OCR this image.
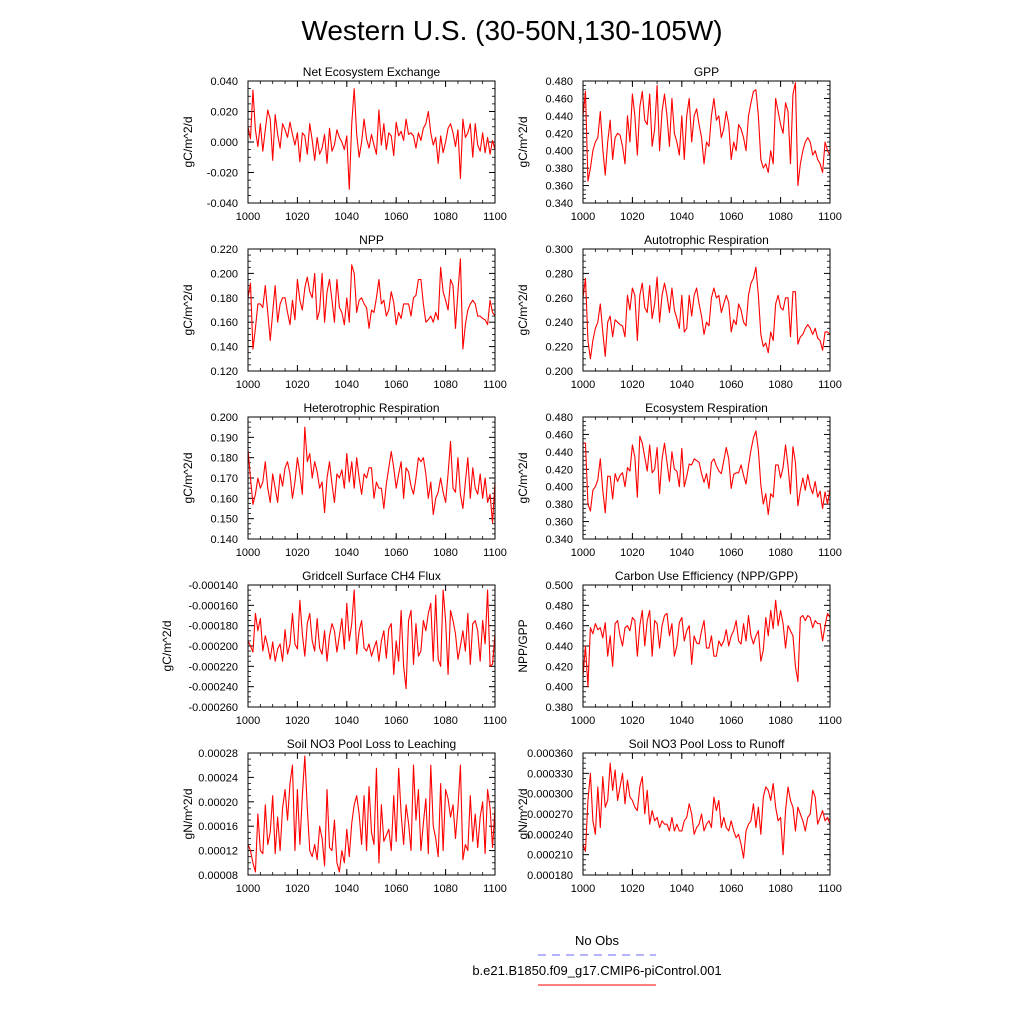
Western U.S. (30-50N,130-105W)
Net Ecosystem Exchange
gC/m^2/d
1000 1020 1040 1060 1080 1100
-0.040
-0.020
0.000
0.020
0.040
GPP
gC/m^2/d
1000 1020 1040 1060 1080 1100
0.340
0.360
0.380
0.400
0.420
0.440
0.460
0.480
NPP
gC/m^2/d
1000 1020 1040 1060 1080 1100
0.120
0.140
0.160
0.180
0.200
0.220
Autotrophic Respiration
gC/m^2/d
1000 1020 1040 1060 1080 1100
0.200
0.220
0.240
0.260
0.280
0.300
Heterotrophic Respiration
gC/m^2/d
1000 1020 1040 1060 1080 1100
0.140
0.150
0.160
0.170
0.180
0.190
0.200
Ecosystem Respiration
gC/m^2/d
1000 1020 1040 1060 1080 1100
0.340
0.360
0.380
0.400
0.420
0.440
0.460
0.480
Gridcell Surface CH4 Flux
gC/m^2/d
1000 1020 1040 1060 1080 1100
-0.000260
-0.000240
-0.000220
-0.000200
-0.000180
-0.000160
-0.000140
Carbon Use Efficiency (NPP/GPP)
NPP/GPP
1000 1020 1040 1060 1080 1100
0.380
0.400
0.420
0.440
0.460
0.480
0.500
Soil NO3 Pool Loss to Leaching
gN/m^2/d
1000 1020 1040 1060 1080 1100
0.00008
0.00012
0.00016
0.00020
0.00024
0.00028
Soil NO3 Pool Loss to Runoff
gN/m^2/d
1000 1020 1040 1060 1080 1100
0.000180
0.000210
0.000240
0.000270
0.000300
0.000330
0.000360
No Obs
b.e21.B1850.f09_g17.CMIP6-piControl.001
